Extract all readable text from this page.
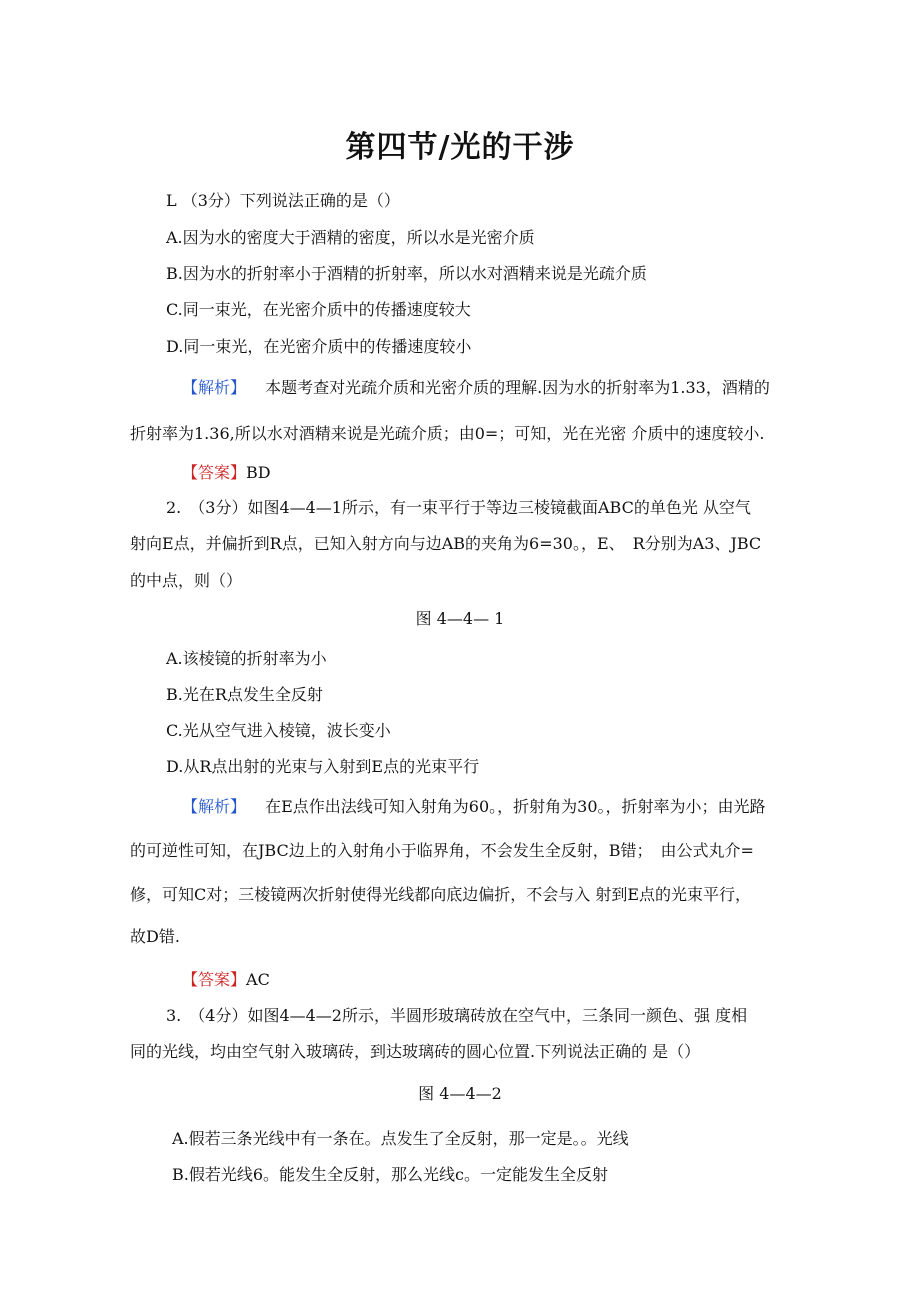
第四节/光的干涉
L （3分）下列说法正确的是（）
A.因为水的密度大于酒精的密度，所以水是光密介质
B.因为水的折射率小于酒精的折射率，所以水对酒精来说是光疏介质
C.同一束光，在光密介质中的传播速度较大
D.同一束光，在光密介质中的传播速度较小
【解析】 本题考查对光疏介质和光密介质的理解.因为水的折射率为1.33，酒精的
折射率为1.36,所以水对酒精来说是光疏介质；由0=；可知，光在光密 介质中的速度较小.
【答案】BD
2.　（3分）如图4—4—1所示，有一束平行于等边三棱镜截面ABC的单色光 从空气
射向E点，并偏折到R点，已知入射方向与边AB的夹角为6=30。，E、　R分别为A3、JBC
的中点，则（）
图 4—4— 1
A.该棱镜的折射率为小
B.光在R点发生全反射
C.光从空气进入棱镜，波长变小
D.从R点出射的光束与入射到E点的光束平行
【解析】 在E点作出法线可知入射角为60。，折射角为30。，折射率为小；由光路
的可逆性可知，在JBC边上的入射角小于临界角，不会发生全反射，B错；　由公式丸介=
修，可知C对；三棱镜两次折射使得光线都向底边偏折，不会与入 射到E点的光束平行，
故D错.
【答案】AC
3.　（4分）如图4—4—2所示，半圆形玻璃砖放在空气中，三条同一颜色、强 度相
同的光线，均由空气射入玻璃砖，到达玻璃砖的圆心位置.下列说法正确的 是（）
图 4—4—2
A.假若三条光线中有一条在。点发生了全反射，那一定是。。光线
B.假若光线6。能发生全反射，那么光线c。一定能发生全反射
